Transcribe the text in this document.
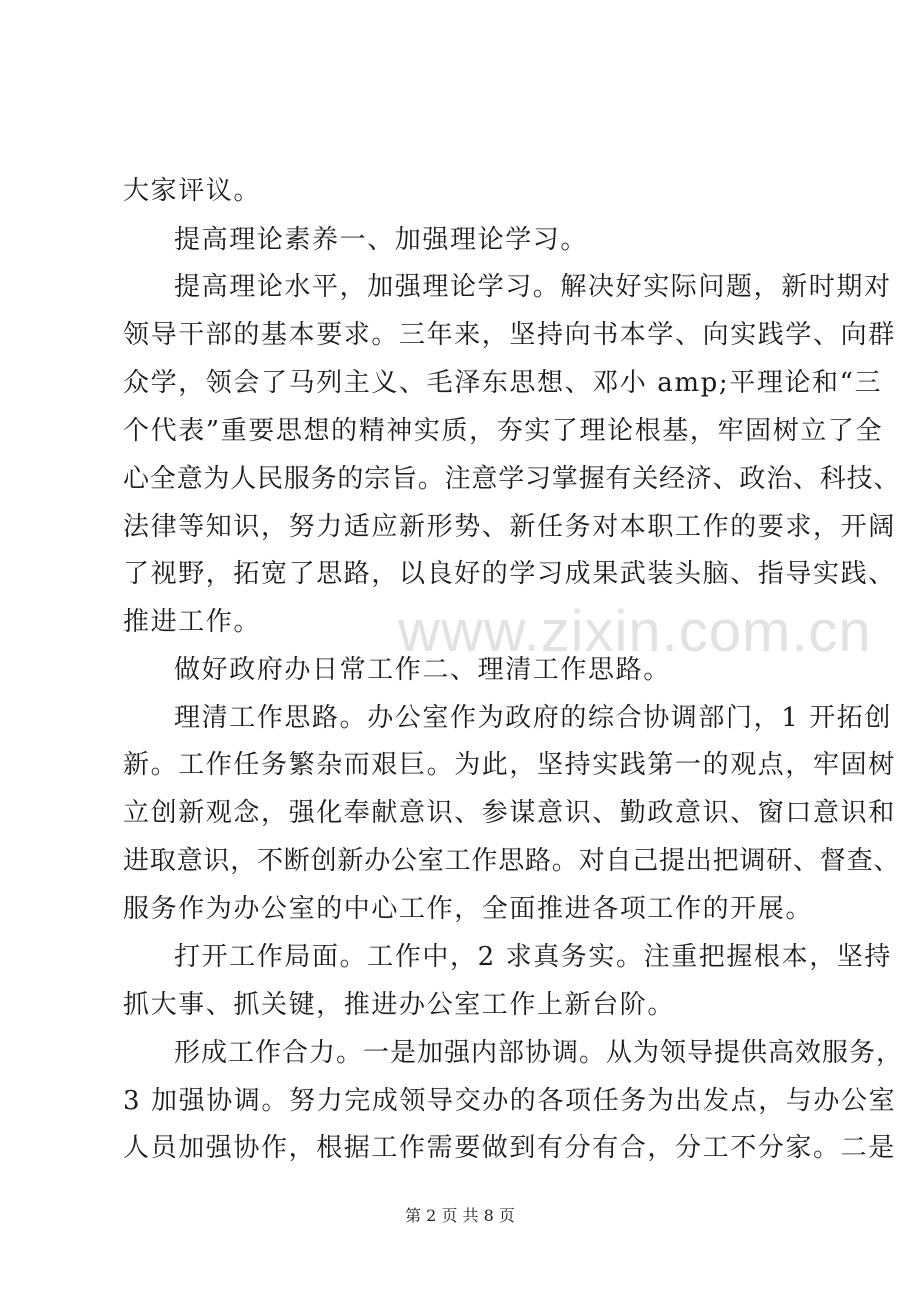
大家评议。
提高理论素养一、加强理论学习。
提高理论水平，加强理论学习。解决好实际问题，新时期对
领导干部的基本要求。三年来，坚持向书本学、向实践学、向群
众学，领会了马列主义、毛泽东思想、邓小 amp;平理论和“三
个代表”重要思想的精神实质，夯实了理论根基，牢固树立了全
心全意为人民服务的宗旨。注意学习掌握有关经济、政治、科技、
法律等知识，努力适应新形势、新任务对本职工作的要求，开阔
了视野，拓宽了思路，以良好的学习成果武装头脑、指导实践、
推进工作。
做好政府办日常工作二、理清工作思路。
理清工作思路。办公室作为政府的综合协调部门，1 开拓创
新。工作任务繁杂而艰巨。为此，坚持实践第一的观点，牢固树
立创新观念，强化奉献意识、参谋意识、勤政意识、窗口意识和
进取意识，不断创新办公室工作思路。对自己提出把调研、督查、
服务作为办公室的中心工作，全面推进各项工作的开展。
打开工作局面。工作中，2 求真务实。注重把握根本，坚持
抓大事、抓关键，推进办公室工作上新台阶。
形成工作合力。一是加强内部协调。从为领导提供高效服务，
3 加强协调。努力完成领导交办的各项任务为出发点，与办公室
人员加强协作，根据工作需要做到有分有合，分工不分家。二是
www.zixin.com.cn
第 2 页 共 8 页
